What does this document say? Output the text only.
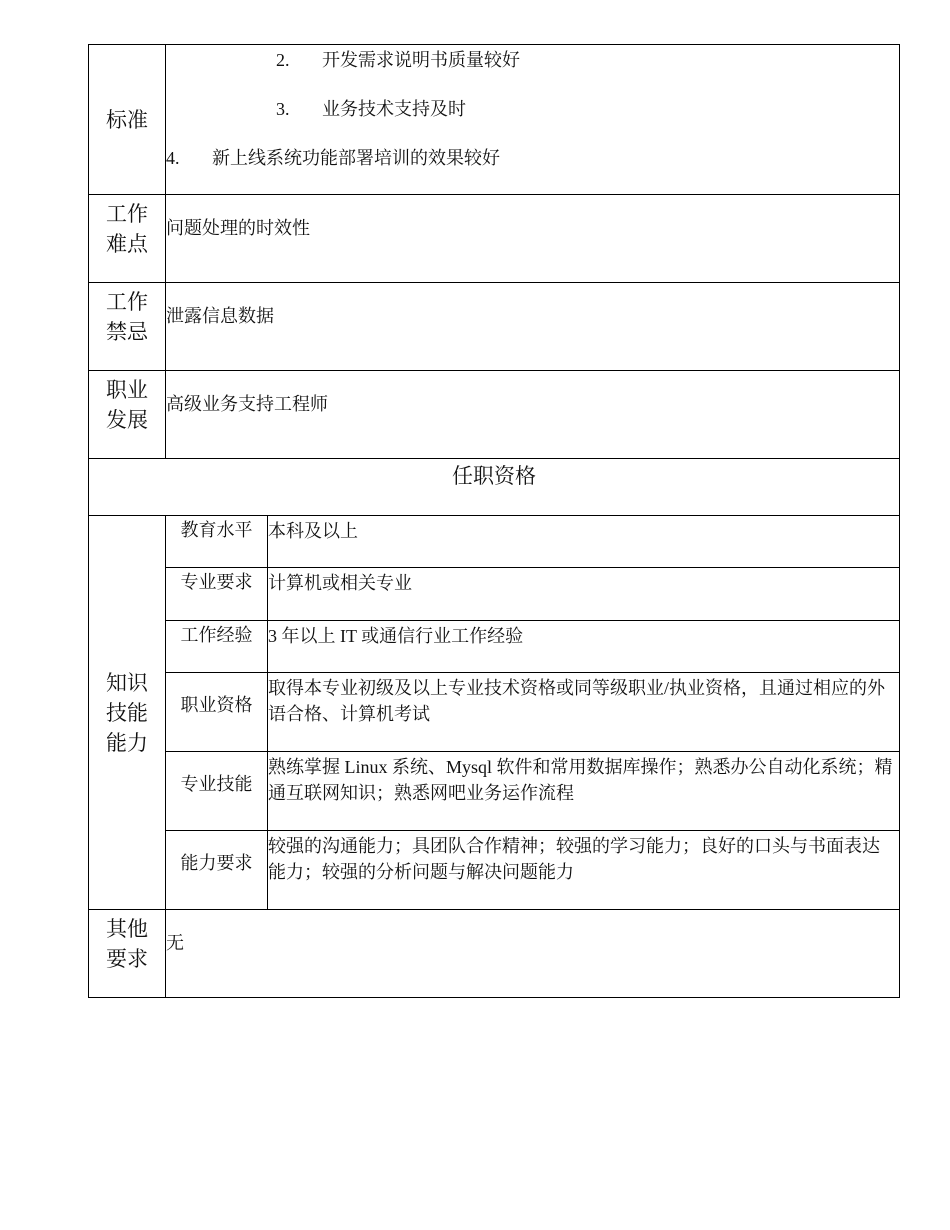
标准	2. 开发需求说明书质量较好
3. 业务技术支持及时
4. 新上线系统功能部署培训的效果较好	

工作
难点	问题处理的时效性	

工作
禁忌	泄露信息数据	

职业
发展	高级业务支持工程师	
任职资格		

知识
技能
能力	教育水平	本科及以上
	专业要求	计算机或相关专业
	工作经验	3 年以上 IT 或通信行业工作经验
	职业资格	取得本专业初级及以上专业技术资格或同等级职业/执业资格，且通过相应的外语合格、计算机考试
	专业技能	熟练掌握 Linux 系统、Mysql 软件和常用数据库操作；熟悉办公自动化系统；精通互联网知识；熟悉网吧业务运作流程
	能力要求	较强的沟通能力；具团队合作精神；较强的学习能力；良好的口头与书面表达能力；较强的分析问题与解决问题能力

其他
要求	无	
